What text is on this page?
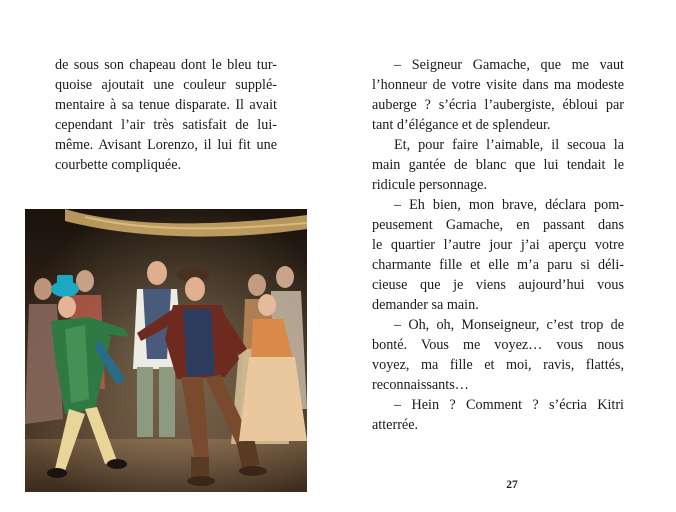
de sous son chapeau dont le bleu tur-
quoise ajoutait une couleur supplé-
mentaire à sa tenue disparate. Il avait
cependant l’air très satisfait de lui-
même. Avisant Lorenzo, il lui fit une
courbette compliquée.
– Seigneur Gamache, que me vaut
l’honneur de votre visite dans ma modeste
auberge ? s’écria l’aubergiste, ébloui par
tant d’élégance et de splendeur.
Et, pour faire l’aimable, il secoua la
main gantée de blanc que lui tendait le
ridicule personnage.
– Eh bien, mon brave, déclara pom-
peusement Gamache, en passant dans
le quartier l’autre jour j’ai aperçu votre
charmante fille et elle m’a paru si déli-
cieuse que je viens aujourd’hui vous
demander sa main.
– Oh, oh, Monseigneur, c’est trop de
bonté. Vous me voyez… vous nous
voyez, ma fille et moi, ravis, flattés,
reconnaissants…
– Hein ? Comment ? s’écria Kitri
atterrée.
27
